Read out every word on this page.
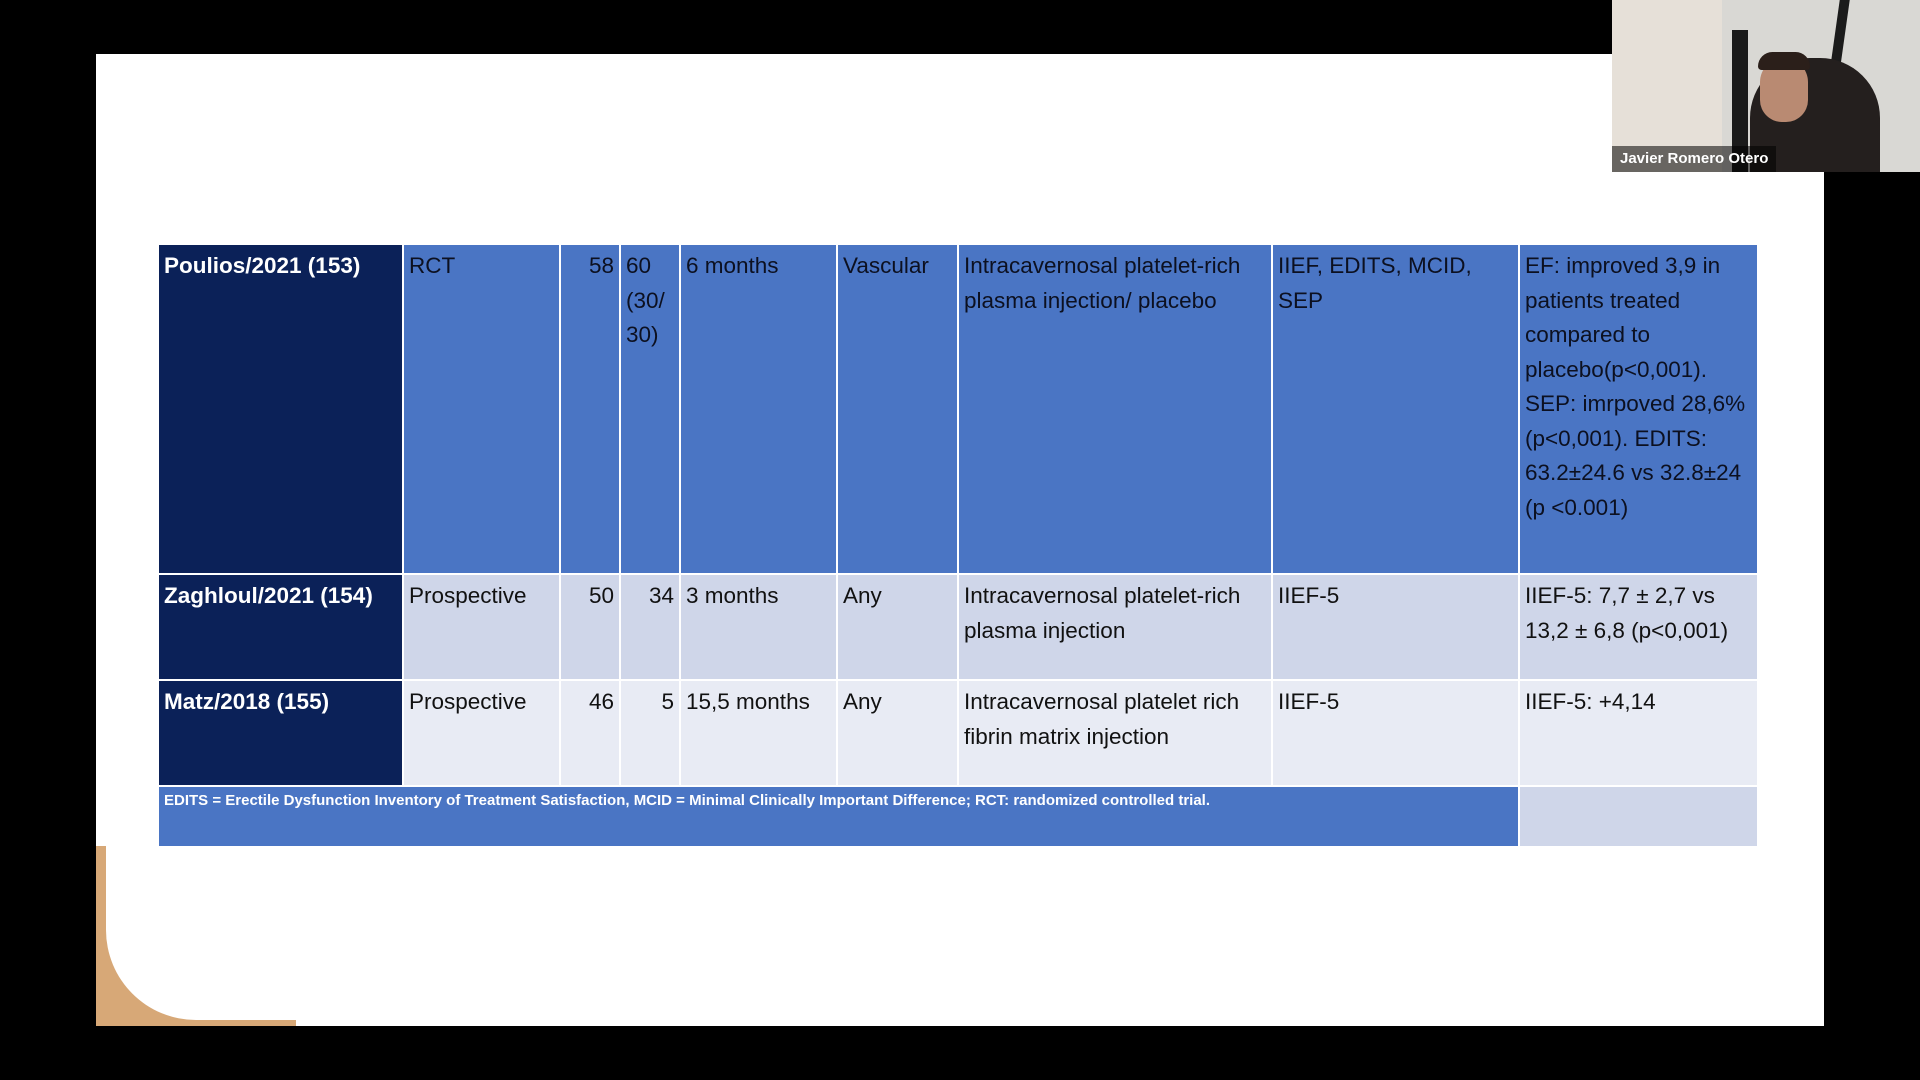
Poulios/2021 (153)	RCT	58	60 (30/ 30)	6 months	Vascular	Intracavernosal platelet-rich plasma injection/ placebo	IIEF, EDITS, MCID, SEP	EF: improved 3,9 in patients treated compared to placebo(p<0,001). SEP: imrpoved 28,6% (p<0,001). EDITS: 63.2±24.6 vs 32.8±24 (p <0.001)
Zaghloul/2021 (154)	Prospective	50	34	3 months	Any	Intracavernosal platelet-rich plasma injection	IIEF-5	IIEF-5: 7,7 ± 2,7 vs 13,2 ± 6,8 (p<0,001)
Matz/2018 (155)	Prospective	46	5	15,5 months	Any	Intracavernosal platelet rich fibrin matrix injection	IIEF-5	IIEF-5: +4,14
EDITS = Erectile Dysfunction Inventory of Treatment Satisfaction, MCID = Minimal Clinically Important Difference; RCT: randomized controlled trial.								
Javier Romero Otero
